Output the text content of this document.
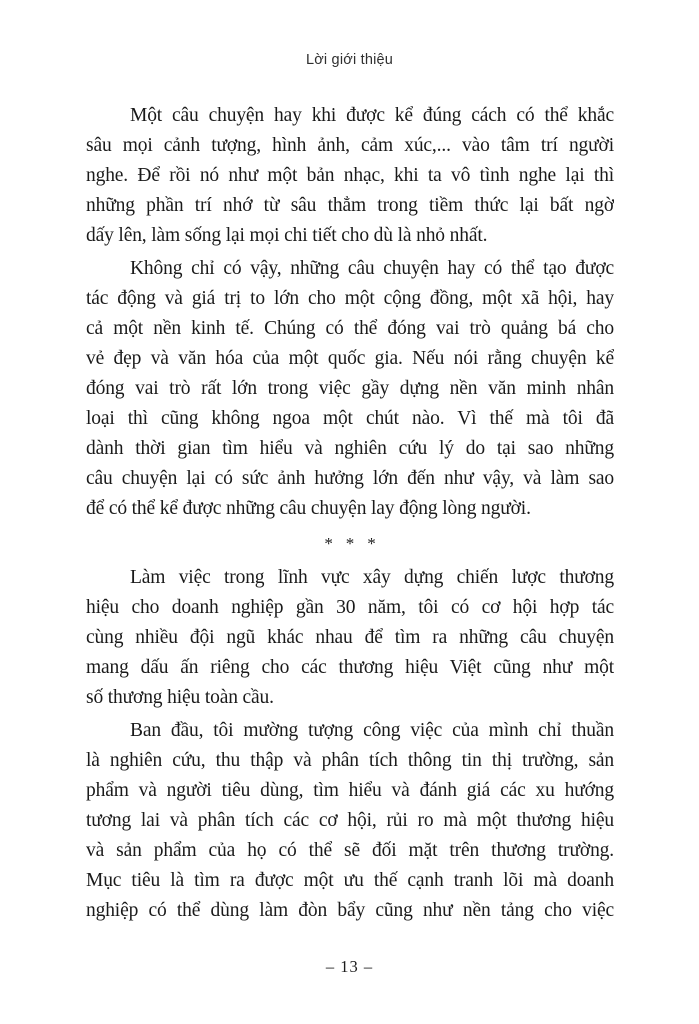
Lời giới thiệu
Một câu chuyện hay khi được kể đúng cách có thể khắc
sâu mọi cảnh tượng, hình ảnh, cảm xúc,... vào tâm trí người
nghe. Để rồi nó như một bản nhạc, khi ta vô tình nghe lại thì
những phần trí nhớ từ sâu thẳm trong tiềm thức lại bất ngờ
dấy lên, làm sống lại mọi chi tiết cho dù là nhỏ nhất.
Không chỉ có vậy, những câu chuyện hay có thể tạo được
tác động và giá trị to lớn cho một cộng đồng, một xã hội, hay
cả một nền kinh tế. Chúng có thể đóng vai trò quảng bá cho
vẻ đẹp và văn hóa của một quốc gia. Nếu nói rằng chuyện kể
đóng vai trò rất lớn trong việc gầy dựng nền văn minh nhân
loại thì cũng không ngoa một chút nào. Vì thế mà tôi đã
dành thời gian tìm hiểu và nghiên cứu lý do tại sao những
câu chuyện lại có sức ảnh hưởng lớn đến như vậy, và làm sao
để có thể kể được những câu chuyện lay động lòng người.
* * *
Làm việc trong lĩnh vực xây dựng chiến lược thương
hiệu cho doanh nghiệp gần 30 năm, tôi có cơ hội hợp tác
cùng nhiều đội ngũ khác nhau để tìm ra những câu chuyện
mang dấu ấn riêng cho các thương hiệu Việt cũng như một
số thương hiệu toàn cầu.
Ban đầu, tôi mường tượng công việc của mình chỉ thuần
là nghiên cứu, thu thập và phân tích thông tin thị trường, sản
phẩm và người tiêu dùng, tìm hiểu và đánh giá các xu hướng
tương lai và phân tích các cơ hội, rủi ro mà một thương hiệu
và sản phẩm của họ có thể sẽ đối mặt trên thương trường.
Mục tiêu là tìm ra được một ưu thế cạnh tranh lõi mà doanh
nghiệp có thể dùng làm đòn bẩy cũng như nền tảng cho việc
– 13 –
